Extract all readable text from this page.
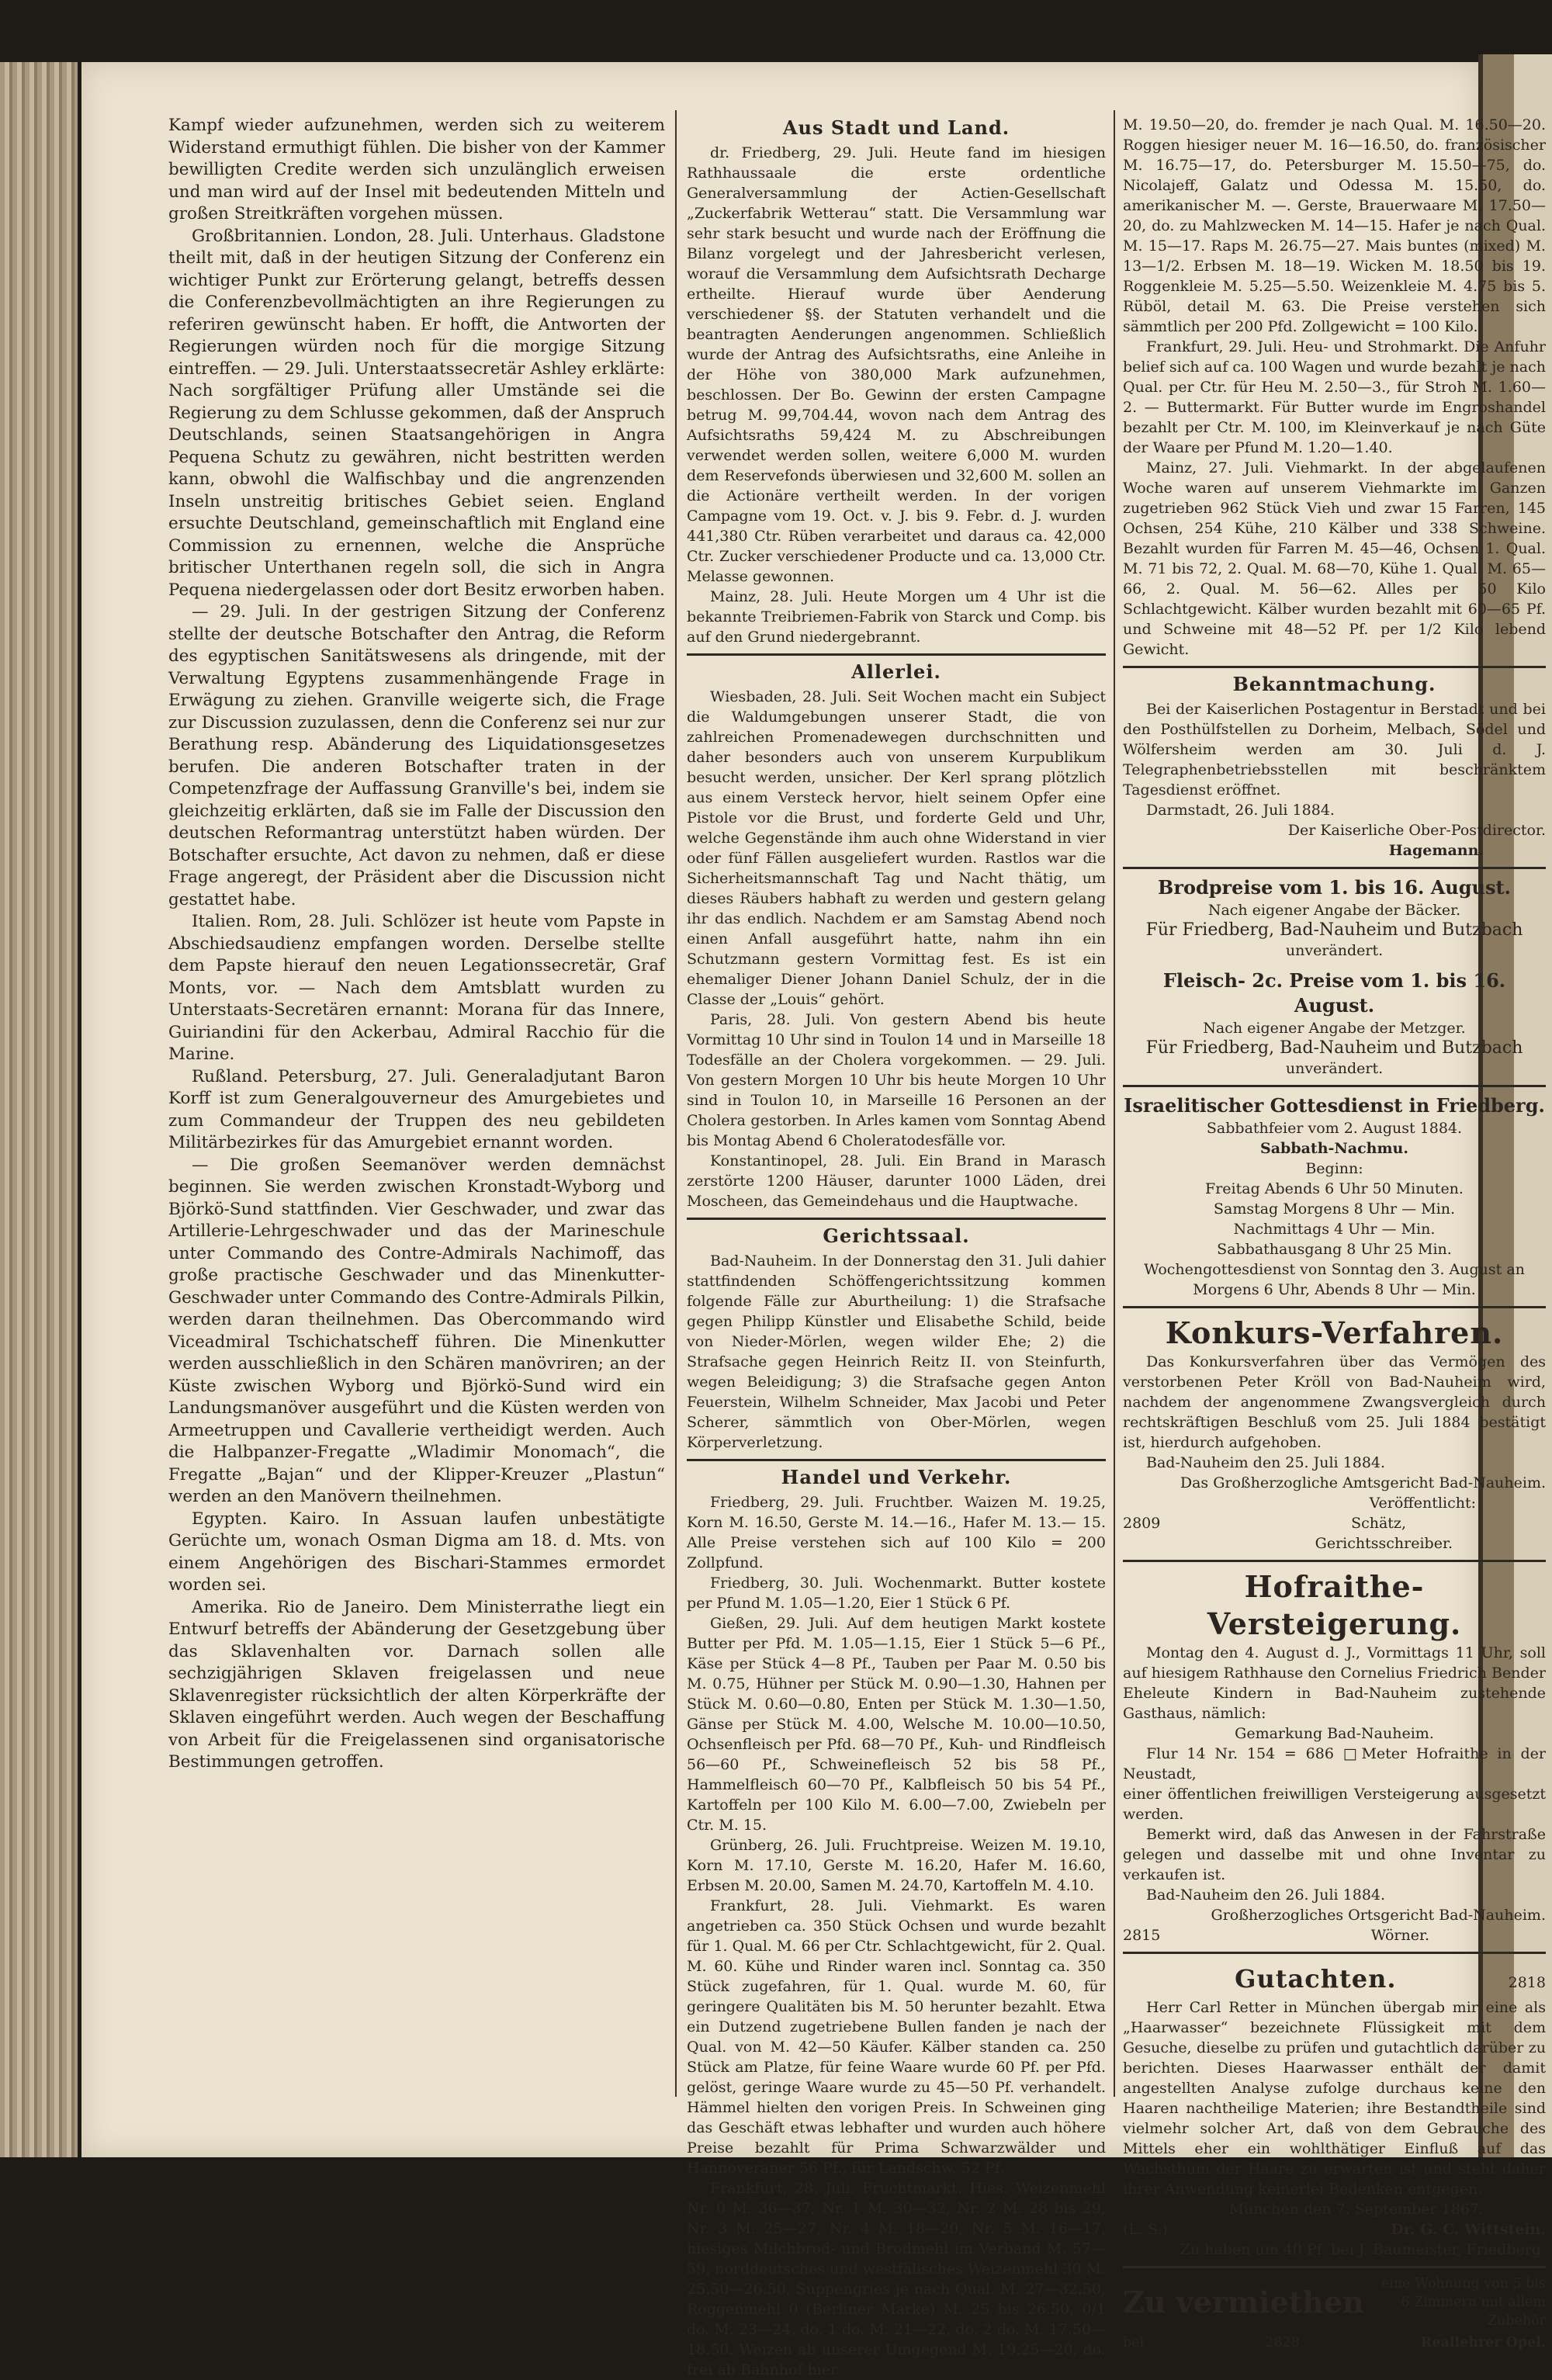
Kampf wieder aufzunehmen, werden sich zu weiterem Widerstand ermuthigt fühlen. Die bisher von der Kammer bewilligten Credite werden sich unzulänglich erweisen und man wird auf der Insel mit bedeutenden Mitteln und großen Streitkräften vorgehen müssen.

Großbritannien. London, 28. Juli. Unterhaus. Gladstone theilt mit, daß in der heutigen Sitzung der Conferenz ein wichtiger Punkt zur Erörterung gelangt, betreffs dessen die Conferenzbevollmächtigten an ihre Regierungen zu referiren gewünscht haben. Er hofft, die Antworten der Regierungen würden noch für die morgige Sitzung eintreffen. — 29. Juli. Unterstaatssecretär Ashley erklärte: Nach sorgfältiger Prüfung aller Umstände sei die Regierung zu dem Schlusse gekommen, daß der Anspruch Deutschlands, seinen Staatsangehörigen in Angra Pequena Schutz zu gewähren, nicht bestritten werden kann, obwohl die Walfischbay und die angrenzenden Inseln unstreitig britisches Gebiet seien. England ersuchte Deutschland, gemeinschaftlich mit England eine Commission zu ernennen, welche die Ansprüche britischer Unterthanen regeln soll, die sich in Angra Pequena niedergelassen oder dort Besitz erworben haben.

— 29. Juli. In der gestrigen Sitzung der Conferenz stellte der deutsche Botschafter den Antrag, die Reform des egyptischen Sanitätswesens als dringende, mit der Verwaltung Egyptens zusammenhängende Frage in Erwägung zu ziehen. Granville weigerte sich, die Frage zur Discussion zuzulassen, denn die Conferenz sei nur zur Berathung resp. Abänderung des Liquidationsgesetzes berufen. Die anderen Botschafter traten in der Competenzfrage der Auffassung Granville's bei, indem sie gleichzeitig erklärten, daß sie im Falle der Discussion den deutschen Reformantrag unterstützt haben würden. Der Botschafter ersuchte, Act davon zu nehmen, daß er diese Frage angeregt, der Präsident aber die Discussion nicht gestattet habe.

Italien. Rom, 28. Juli. Schlözer ist heute vom Papste in Abschiedsaudienz empfangen worden. Derselbe stellte dem Papste hierauf den neuen Legationssecretär, Graf Monts, vor. — Nach dem Amtsblatt wurden zu Unterstaats-Secretären ernannt: Morana für das Innere, Guiriandini für den Ackerbau, Admiral Racchio für die Marine.

Rußland. Petersburg, 27. Juli. Generaladjutant Baron Korff ist zum Generalgouverneur des Amurgebietes und zum Commandeur der Truppen des neu gebildeten Militärbezirkes für das Amurgebiet ernannt worden.

— Die großen Seemanöver werden demnächst beginnen. Sie werden zwischen Kronstadt-Wyborg und Björkö-Sund stattfinden. Vier Geschwader, und zwar das Artillerie-Lehrgeschwader und das der Marineschule unter Commando des Contre-Admirals Nachimoff, das große practische Geschwader und das Minenkutter-Geschwader unter Commando des Contre-Admirals Pilkin, werden daran theilnehmen. Das Obercommando wird Viceadmiral Tschichatscheff führen. Die Minenkutter werden ausschließlich in den Schären manövriren; an der Küste zwischen Wyborg und Björkö-Sund wird ein Landungsmanöver ausgeführt und die Küsten werden von Armeetruppen und Cavallerie vertheidigt werden. Auch die Halbpanzer-Fregatte „Wladimir Monomach“, die Fregatte „Bajan“ und der Klipper-Kreuzer „Plastun“ werden an den Manövern theilnehmen.

Egypten. Kairo. In Assuan laufen unbestätigte Gerüchte um, wonach Osman Digma am 18. d. Mts. von einem Angehörigen des Bischari-Stammes ermordet worden sei.

Amerika. Rio de Janeiro. Dem Ministerrathe liegt ein Entwurf betreffs der Abänderung der Gesetzgebung über das Sklavenhalten vor. Darnach sollen alle sechzigjährigen Sklaven freigelassen und neue Sklavenregister rücksichtlich der alten Körperkräfte der Sklaven eingeführt werden. Auch wegen der Beschaffung von Arbeit für die Freigelassenen sind organisatorische Bestimmungen getroffen.

Aus Stadt und Land.

dr. Friedberg, 29. Juli. Heute fand im hiesigen Rathhaussaale die erste ordentliche Generalversammlung der Actien-Gesellschaft „Zuckerfabrik Wetterau“ statt. Die Versammlung war sehr stark besucht und wurde nach der Eröffnung die Bilanz vorgelegt und der Jahresbericht verlesen, worauf die Versammlung dem Aufsichtsrath Decharge ertheilte. Hierauf wurde über Aenderung verschiedener §§. der Statuten verhandelt und die beantragten Aenderungen angenommen. Schließlich wurde der Antrag des Aufsichtsraths, eine Anleihe in der Höhe von 380,000 Mark aufzunehmen, beschlossen. Der Bo. Gewinn der ersten Campagne betrug M. 99,704.44, wovon nach dem Antrag des Aufsichtsraths 59,424 M. zu Abschreibungen verwendet werden sollen, weitere 6,000 M. wurden dem Reservefonds überwiesen und 32,600 M. sollen an die Actionäre vertheilt werden. In der vorigen Campagne vom 19. Oct. v. J. bis 9. Febr. d. J. wurden 441,380 Ctr. Rüben verarbeitet und daraus ca. 42,000 Ctr. Zucker verschiedener Producte und ca. 13,000 Ctr. Melasse gewonnen.

Mainz, 28. Juli. Heute Morgen um 4 Uhr ist die bekannte Treibriemen-Fabrik von Starck und Comp. bis auf den Grund niedergebrannt.

Allerlei.

Wiesbaden, 28. Juli. Seit Wochen macht ein Subject die Waldumgebungen unserer Stadt, die von zahlreichen Promenadewegen durchschnitten und daher besonders auch von unserem Kurpublikum besucht werden, unsicher. Der Kerl sprang plötzlich aus einem Versteck hervor, hielt seinem Opfer eine Pistole vor die Brust, und forderte Geld und Uhr, welche Gegenstände ihm auch ohne Widerstand in vier oder fünf Fällen ausgeliefert wurden. Rastlos war die Sicherheitsmannschaft Tag und Nacht thätig, um dieses Räubers habhaft zu werden und gestern gelang ihr das endlich. Nachdem er am Samstag Abend noch einen Anfall ausgeführt hatte, nahm ihn ein Schutzmann gestern Vormittag fest. Es ist ein ehemaliger Diener Johann Daniel Schulz, der in die Classe der „Louis“ gehört.

Paris, 28. Juli. Von gestern Abend bis heute Vormittag 10 Uhr sind in Toulon 14 und in Marseille 18 Todesfälle an der Cholera vorgekommen. — 29. Juli. Von gestern Morgen 10 Uhr bis heute Morgen 10 Uhr sind in Toulon 10, in Marseille 16 Personen an der Cholera gestorben. In Arles kamen vom Sonntag Abend bis Montag Abend 6 Choleratodesfälle vor.

Konstantinopel, 28. Juli. Ein Brand in Marasch zerstörte 1200 Häuser, darunter 1000 Läden, drei Moscheen, das Gemeindehaus und die Hauptwache.

Gerichtssaal.

Bad-Nauheim. In der Donnerstag den 31. Juli dahier stattfindenden Schöffengerichtssitzung kommen folgende Fälle zur Aburtheilung: 1) die Strafsache gegen Philipp Künstler und Elisabethe Schild, beide von Nieder-Mörlen, wegen wilder Ehe; 2) die Strafsache gegen Heinrich Reitz II. von Steinfurth, wegen Beleidigung; 3) die Strafsache gegen Anton Feuerstein, Wilhelm Schneider, Max Jacobi und Peter Scherer, sämmtlich von Ober-Mörlen, wegen Körperverletzung.

Handel und Verkehr.

Friedberg, 29. Juli. Fruchtber. Waizen M. 19.25, Korn M. 16.50, Gerste M. 14.—16., Hafer M. 13.— 15. Alle Preise verstehen sich auf 100 Kilo = 200 Zollpfund.

Friedberg, 30. Juli. Wochenmarkt. Butter kostete per Pfund M. 1.05—1.20, Eier 1 Stück 6 Pf.

Gießen, 29. Juli. Auf dem heutigen Markt kostete Butter per Pfd. M. 1.05—1.15, Eier 1 Stück 5—6 Pf., Käse per Stück 4—8 Pf., Tauben per Paar M. 0.50 bis M. 0.75, Hühner per Stück M. 0.90—1.30, Hahnen per Stück M. 0.60—0.80, Enten per Stück M. 1.30—1.50, Gänse per Stück M. 4.00, Welsche M. 10.00—10.50, Ochsenfleisch per Pfd. 68—70 Pf., Kuh- und Rindfleisch 56—60 Pf., Schweinefleisch 52 bis 58 Pf., Hammelfleisch 60—70 Pf., Kalbfleisch 50 bis 54 Pf., Kartoffeln per 100 Kilo M. 6.00—7.00, Zwiebeln per Ctr. M. 15.

Grünberg, 26. Juli. Fruchtpreise. Weizen M. 19.10, Korn M. 17.10, Gerste M. 16.20, Hafer M. 16.60, Erbsen M. 20.00, Samen M. 24.70, Kartoffeln M. 4.10.

Frankfurt, 28. Juli. Viehmarkt. Es waren angetrieben ca. 350 Stück Ochsen und wurde bezahlt für 1. Qual. M. 66 per Ctr. Schlachtgewicht, für 2. Qual. M. 60. Kühe und Rinder waren incl. Sonntag ca. 350 Stück zugefahren, für 1. Qual. wurde M. 60, für geringere Qualitäten bis M. 50 herunter bezahlt. Etwa ein Dutzend zugetriebene Bullen fanden je nach der Qual. von M. 42—50 Käufer. Kälber standen ca. 250 Stück am Platze, für feine Waare wurde 60 Pf. per Pfd. gelöst, geringe Waare wurde zu 45—50 Pf. verhandelt. Hämmel hielten den vorigen Preis. In Schweinen ging das Geschäft etwas lebhafter und wurden auch höhere Preise bezahlt für Prima Schwarzwälder und Hannoveraner 56 Pf., für Landschw. 52 Pf.

Frankfurt, 28. Juli. Fruchtmarkt. Hies. Weizenmehl Nr. 0 M. 36—37, Nr. 1 M. 30—32, Nr. 2 M. 28 bis 29, Nr. 3 M. 25—27, Nr. 4 M. 18—20, Nr. 5 M. 16—17, hiesiges Milchbrod- und Brodmehl im Verband M. 57—59, norddeutsches und westfälisches Weizenmehl 30 M. 25.50—26.50, Suppengries je nach Qual. M. 27—32.50, Roggenmehl 0 (Berliner Marke) M. 25 bis 26.50, 0/1 do. M. 23—24, do. 1 do. M. 21—22, do. 2 do. M. 17.50—18.50. Weizen ab unserer Umgegend M. 19.25—20, do. frei ab Bahnhof hier

M. 19.50—20, do. fremder je nach Qual. M. 16.50—20. Roggen hiesiger neuer M. 16—16.50, do. französischer M. 16.75—17, do. Petersburger M. 15.50—75, do. Nicolajeff, Galatz und Odessa M. 15.50, do. amerikanischer M. —. Gerste, Brauerwaare M. 17.50—20, do. zu Mahlzwecken M. 14—15. Hafer je nach Qual. M. 15—17. Raps M. 26.75—27. Mais buntes (mixed) M. 13—1/2. Erbsen M. 18—19. Wicken M. 18.50 bis 19. Roggenkleie M. 5.25—5.50. Weizenkleie M. 4.75 bis 5. Rüböl, detail M. 63. Die Preise verstehen sich sämmtlich per 200 Pfd. Zollgewicht = 100 Kilo.

Frankfurt, 29. Juli. Heu- und Strohmarkt. Die Anfuhr belief sich auf ca. 100 Wagen und wurde bezahlt je nach Qual. per Ctr. für Heu M. 2.50—3., für Stroh M. 1.60—2. — Buttermarkt. Für Butter wurde im Engroshandel bezahlt per Ctr. M. 100, im Kleinverkauf je nach Güte der Waare per Pfund M. 1.20—1.40.

Mainz, 27. Juli. Viehmarkt. In der abgelaufenen Woche waren auf unserem Viehmarkte im Ganzen zugetrieben 962 Stück Vieh und zwar 15 Farren, 145 Ochsen, 254 Kühe, 210 Kälber und 338 Schweine. Bezahlt wurden für Farren M. 45—46, Ochsen 1. Qual. M. 71 bis 72, 2. Qual. M. 68—70, Kühe 1. Qual. M. 65—66, 2. Qual. M. 56—62. Alles per 50 Kilo Schlachtgewicht. Kälber wurden bezahlt mit 60—65 Pf. und Schweine mit 48—52 Pf. per 1/2 Kilo lebend Gewicht.

Bekanntmachung.

Bei der Kaiserlichen Postagentur in Berstadt und bei den Posthülfstellen zu Dorheim, Melbach, Södel und Wölfersheim werden am 30. Juli d. J. Telegraphenbetriebsstellen mit beschränktem Tagesdienst eröffnet.

Darmstadt, 26. Juli 1884.

Der Kaiserliche Ober-Postdirector.
Hagemann.
Brodpreise vom 1. bis 16. August.
Nach eigener Angabe der Bäcker.
Für Friedberg, Bad-Nauheim und Butzbach
unverändert.
Fleisch- 2c. Preise vom 1. bis 16. August.
Nach eigener Angabe der Metzger.
Für Friedberg, Bad-Nauheim und Butzbach
unverändert.
Israelitischer Gottesdienst in Friedberg.
Sabbathfeier vom 2. August 1884.
Sabbath-Nachmu.
Beginn:
Freitag Abends 6 Uhr 50 Minuten.
Samstag Morgens 8 Uhr — Min.
Nachmittags 4 Uhr — Min.
Sabbathausgang 8 Uhr 25 Min.
Wochengottesdienst von Sonntag den 3. August an Morgens 6 Uhr, Abends 8 Uhr — Min.
Konkurs-Verfahren.

Das Konkursverfahren über das Vermögen des verstorbenen Peter Kröll von Bad-Nauheim wird, nachdem der angenommene Zwangsvergleich durch rechtskräftigen Beschluß vom 25. Juli 1884 bestätigt ist, hierdurch aufgehoben.

Bad-Nauheim den 25. Juli 1884.

Das Großherzogliche Amtsgericht Bad-Nauheim.
Veröffentlicht:
2809	Schätz,
Gerichtsschreiber.
Hofraithe-Versteigerung.

Montag den 4. August d. J., Vormittags 11 Uhr, soll auf hiesigem Rathhause den Cornelius Friedrich Bender Eheleute Kindern in Bad-Nauheim zustehende Gasthaus, nämlich:

Gemarkung Bad-Nauheim.

Flur 14 Nr. 154 = 686 □Meter Hofraithe in der Neustadt,

einer öffentlichen freiwilligen Versteigerung ausgesetzt werden.

Bemerkt wird, daß das Anwesen in der Fahrstraße gelegen und dasselbe mit und ohne Inventar zu verkaufen ist.

Bad-Nauheim den 26. Juli 1884.

Großherzogliches Ortsgericht Bad-Nauheim.
2815	Wörner.
Gutachten.	2818

Herr Carl Retter in München übergab mir eine als „Haarwasser“ bezeichnete Flüssigkeit mit dem Gesuche, dieselbe zu prüfen und gutachtlich darüber zu berichten. Dieses Haarwasser enthält der damit angestellten Analyse zufolge durchaus keine den Haaren nachtheilige Materien; ihre Bestandtheile sind vielmehr solcher Art, daß von dem Gebrauche des Mittels eher ein wohlthätiger Einfluß auf das Wachsthum der Haare zu erwarten ist und steht daher ihrer Anwendung keinerlei Bedenken entgegen.

München den 7. September 1867.
(L. S.)	Dr. G. C. Wittstein.
Zu haben um 40 Pf. bei J. Baumeister, Friedberg.
Zu vermiethen
eine Wohnung von 5 bis 6 Zimmern mit allem Zubehör
bei	2828	Reallehrer Opel.
